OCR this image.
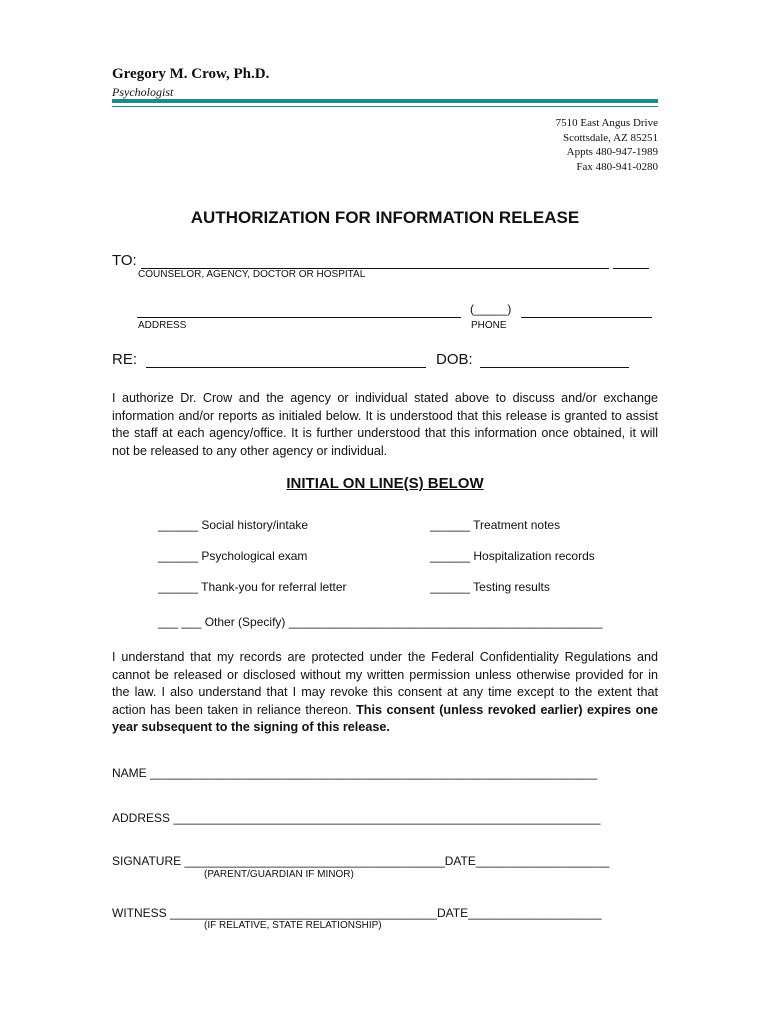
Gregory M. Crow, Ph.D.
Psychologist
7510 East Angus Drive
Scottsdale, AZ 85251
Appts 480-947-1989
Fax 480-941-0280
AUTHORIZATION FOR INFORMATION RELEASE
TO:
COUNSELOR, AGENCY, DOCTOR OR HOSPITAL
(_____)
ADDRESS	PHONE
RE:	DOB:
I authorize Dr. Crow and the agency or individual stated above to discuss and/or exchange information and/or reports as initialed below. It is understood that this release is granted to assist the staff at each agency/office. It is further understood that this information once obtained, it will not be released to any other agency or individual.
INITIAL ON LINE(S) BELOW
______ Social history/intake	______ Treatment notes
______ Psychological exam	______ Hospitalization records
______ Thank-you for referral letter	______ Testing results
___ ___ Other (Specify) _______________________________________________
I understand that my records are protected under the Federal Confidentiality Regulations and cannot be released or disclosed without my written permission unless otherwise provided for in the law. I also understand that I may revoke this consent at any time except to the extent that action has been taken in reliance thereon. This consent (unless revoked earlier) expires one year subsequent to the signing of this release.
NAME ___________________________________________________________________
ADDRESS ________________________________________________________________
SIGNATURE _______________________________________DATE____________________
(PARENT/GUARDIAN IF MINOR)
WITNESS ________________________________________DATE____________________
(IF RELATIVE, STATE RELATIONSHIP)
